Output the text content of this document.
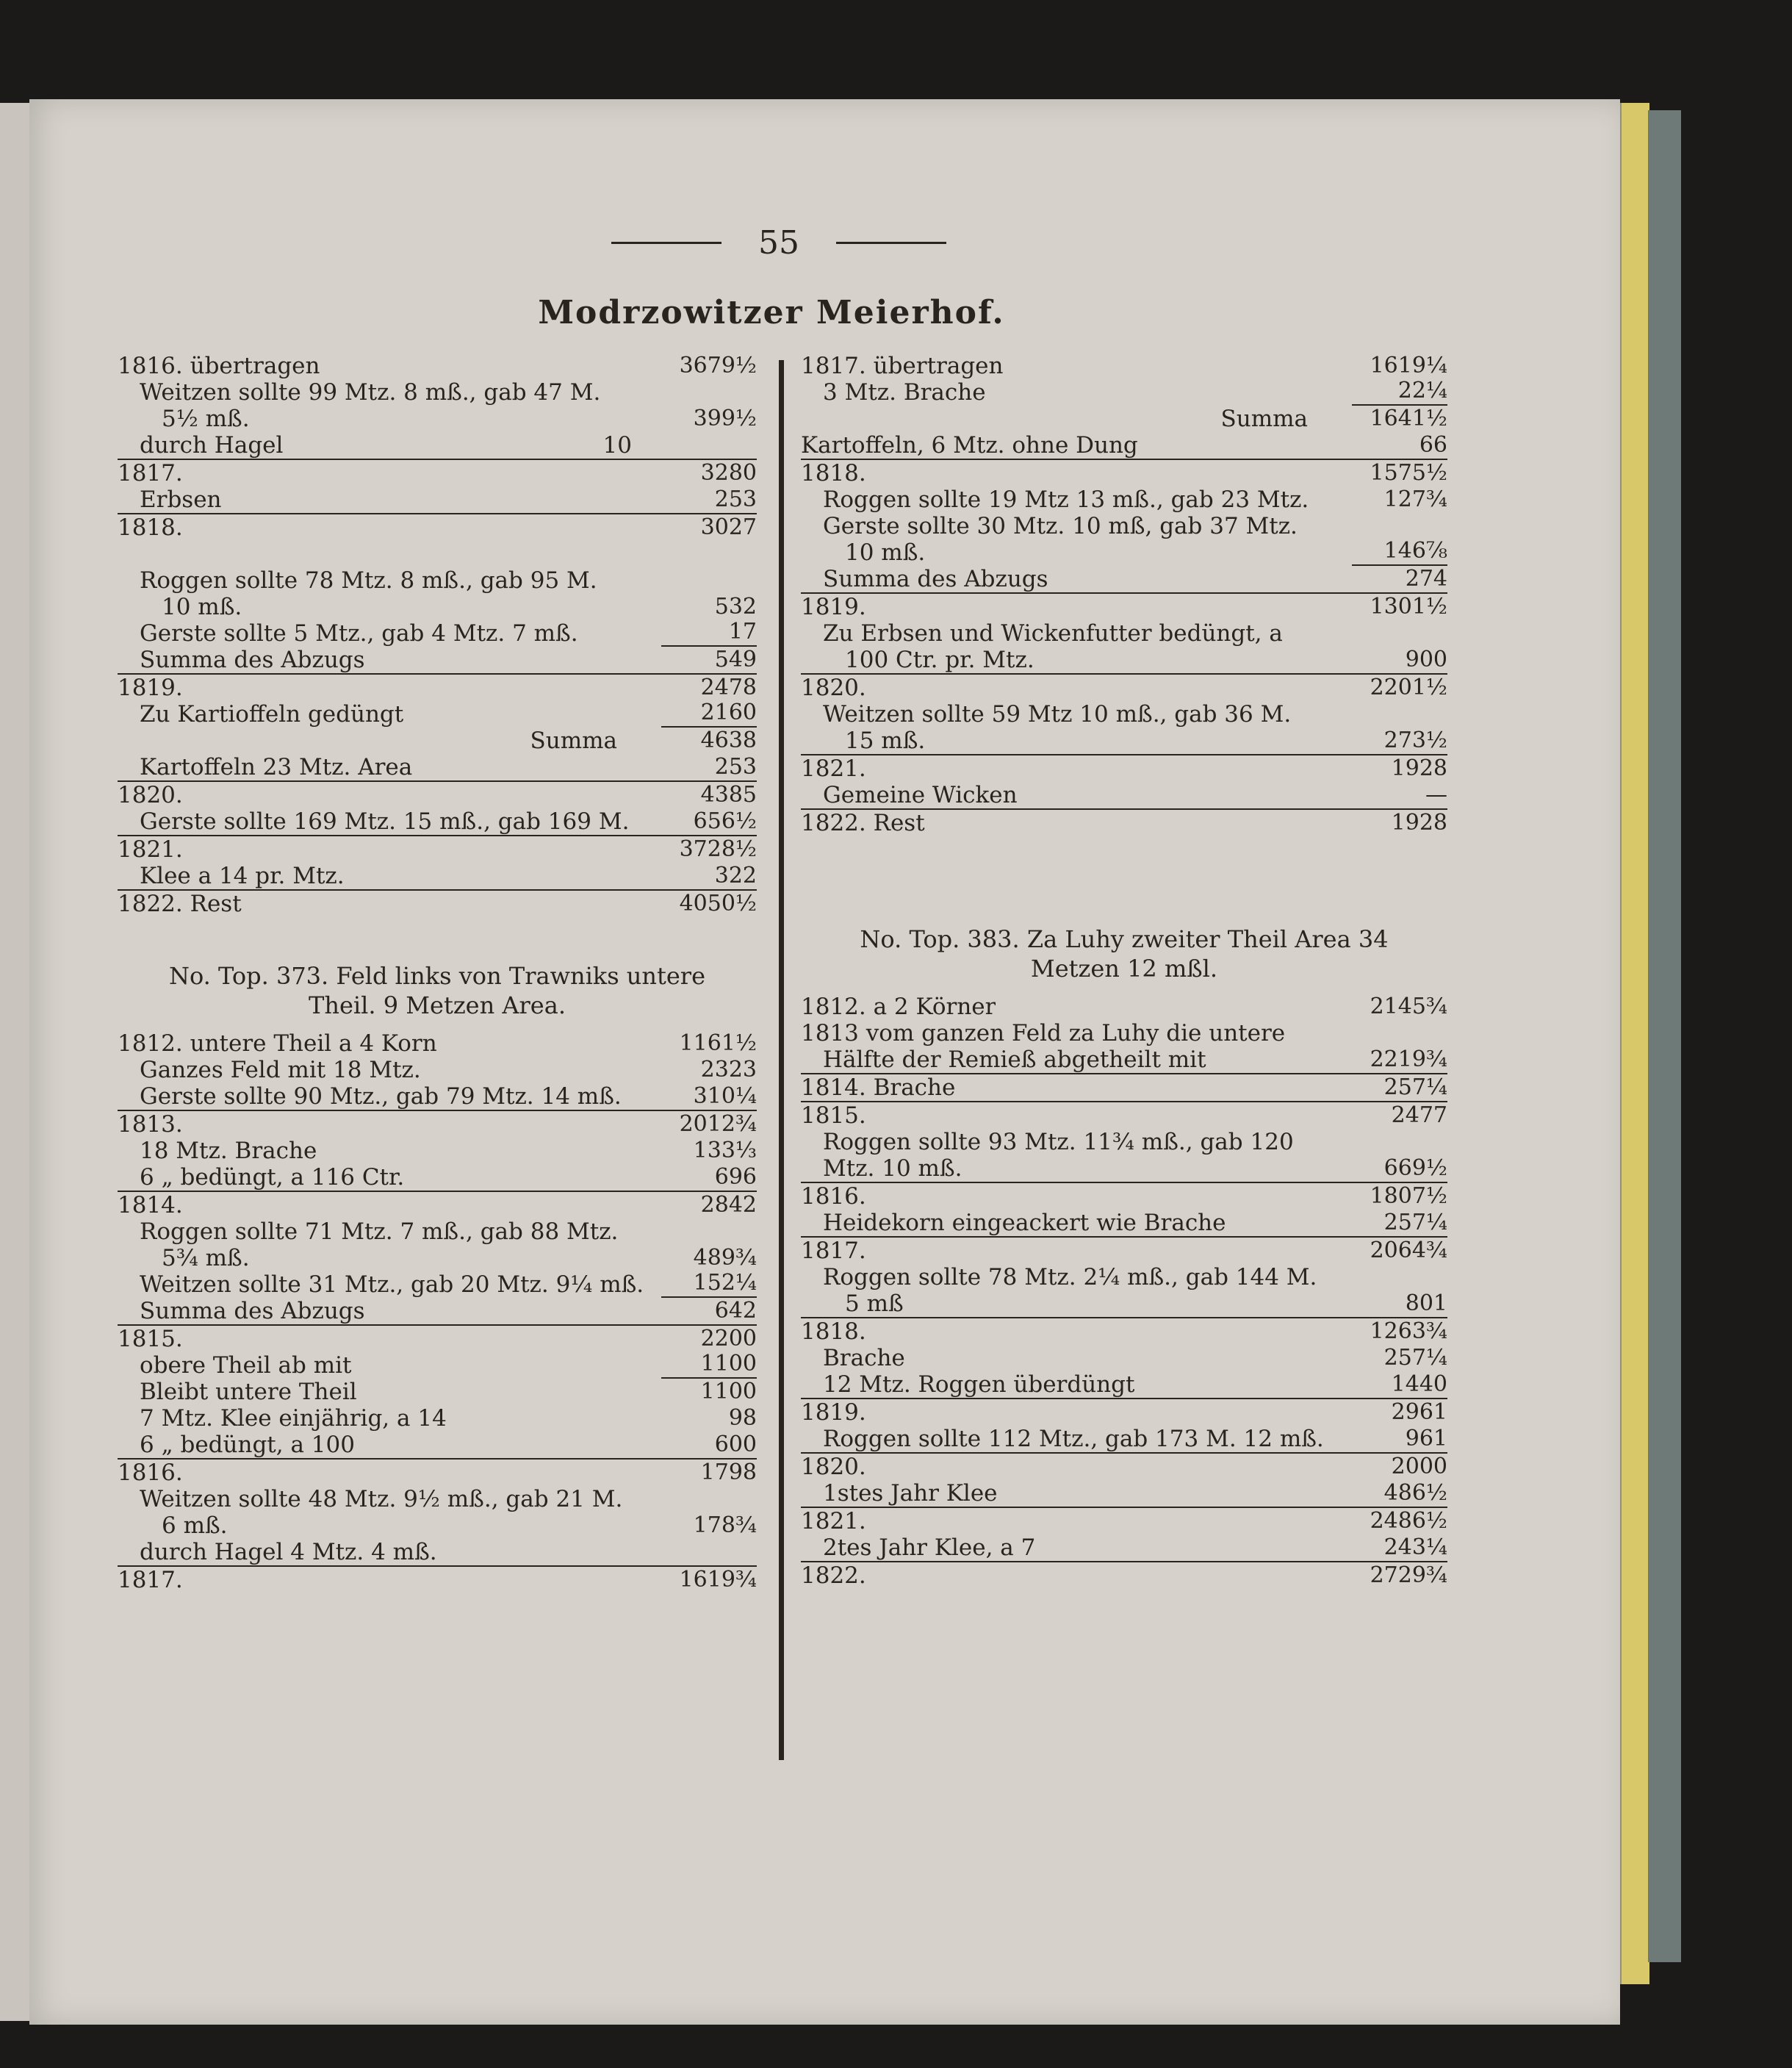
55
Modrzowitzer Meierhof.
1816. übertragen	3679½
Weitzen sollte 99 Mtz. 8 mß., gab 47 M.
5½ mß.	399½
durch Hagel	10
1817.	3280
Erbsen	253
1818.	3027
Roggen sollte 78 Mtz. 8 mß., gab 95 M.
10 mß.	532
Gerste sollte 5 Mtz., gab 4 Mtz. 7 mß.	17
Summa des Abzugs	549
1819.	2478
Zu Kartioffeln gedüngt	2160
Summa	4638
Kartoffeln 23 Mtz. Area	253
1820.	4385
Gerste sollte 169 Mtz. 15 mß., gab 169 M.	656½
1821.	3728½
Klee a 14 pr. Mtz.	322
1822. Rest	4050½
No. Top. 373. Feld links von Trawniks untere Theil. 9 Metzen Area.
1812. untere Theil a 4 Korn	1161½
Ganzes Feld mit 18 Mtz.	2323
Gerste sollte 90 Mtz., gab 79 Mtz. 14 mß.	310¼
1813.	2012¾
18 Mtz. Brache	133⅓
6 „ bedüngt, a 116 Ctr.	696
1814.	2842
Roggen sollte 71 Mtz. 7 mß., gab 88 Mtz.
5¾ mß.	489¾
Weitzen sollte 31 Mtz., gab 20 Mtz. 9¼ mß.	152¼
Summa des Abzugs	642
1815.	2200
obere Theil ab mit	1100
Bleibt untere Theil	1100
7 Mtz. Klee einjährig, a 14	98
6 „ bedüngt, a 100	600
1816.	1798
Weitzen sollte 48 Mtz. 9½ mß., gab 21 M.
6 mß.	178¾
durch Hagel 4 Mtz. 4 mß.
1817.	1619¾
1817. übertragen	1619¼
3 Mtz. Brache	22¼
Summa	1641½
Kartoffeln, 6 Mtz. ohne Dung	66
1818.	1575½
Roggen sollte 19 Mtz 13 mß., gab 23 Mtz.	127¾
Gerste sollte 30 Mtz. 10 mß, gab 37 Mtz.
10 mß.	146⅞
Summa des Abzugs	274
1819.	1301½
Zu Erbsen und Wickenfutter bedüngt, a
100 Ctr. pr. Mtz.	900
1820.	2201½
Weitzen sollte 59 Mtz 10 mß., gab 36 M.
15 mß.	273½
1821.	1928
Gemeine Wicken	—
1822. Rest	1928
No. Top. 383. Za Luhy zweiter Theil Area 34 Metzen 12 mßl.
1812. a 2 Körner	2145¾
1813 vom ganzen Feld za Luhy die untere
Hälfte der Remieß abgetheilt mit	2219¾
1814. Brache	257¼
1815.	2477
Roggen sollte 93 Mtz. 11¾ mß., gab 120
Mtz. 10 mß.	669½
1816.	1807½
Heidekorn eingeackert wie Brache	257¼
1817.	2064¾
Roggen sollte 78 Mtz. 2¼ mß., gab 144 M.
5 mß	801
1818.	1263¾
Brache	257¼
12 Mtz. Roggen überdüngt	1440
1819.	2961
Roggen sollte 112 Mtz., gab 173 M. 12 mß.	961
1820.	2000
1stes Jahr Klee	486½
1821.	2486½
2tes Jahr Klee, a 7	243¼
1822.	2729¾
